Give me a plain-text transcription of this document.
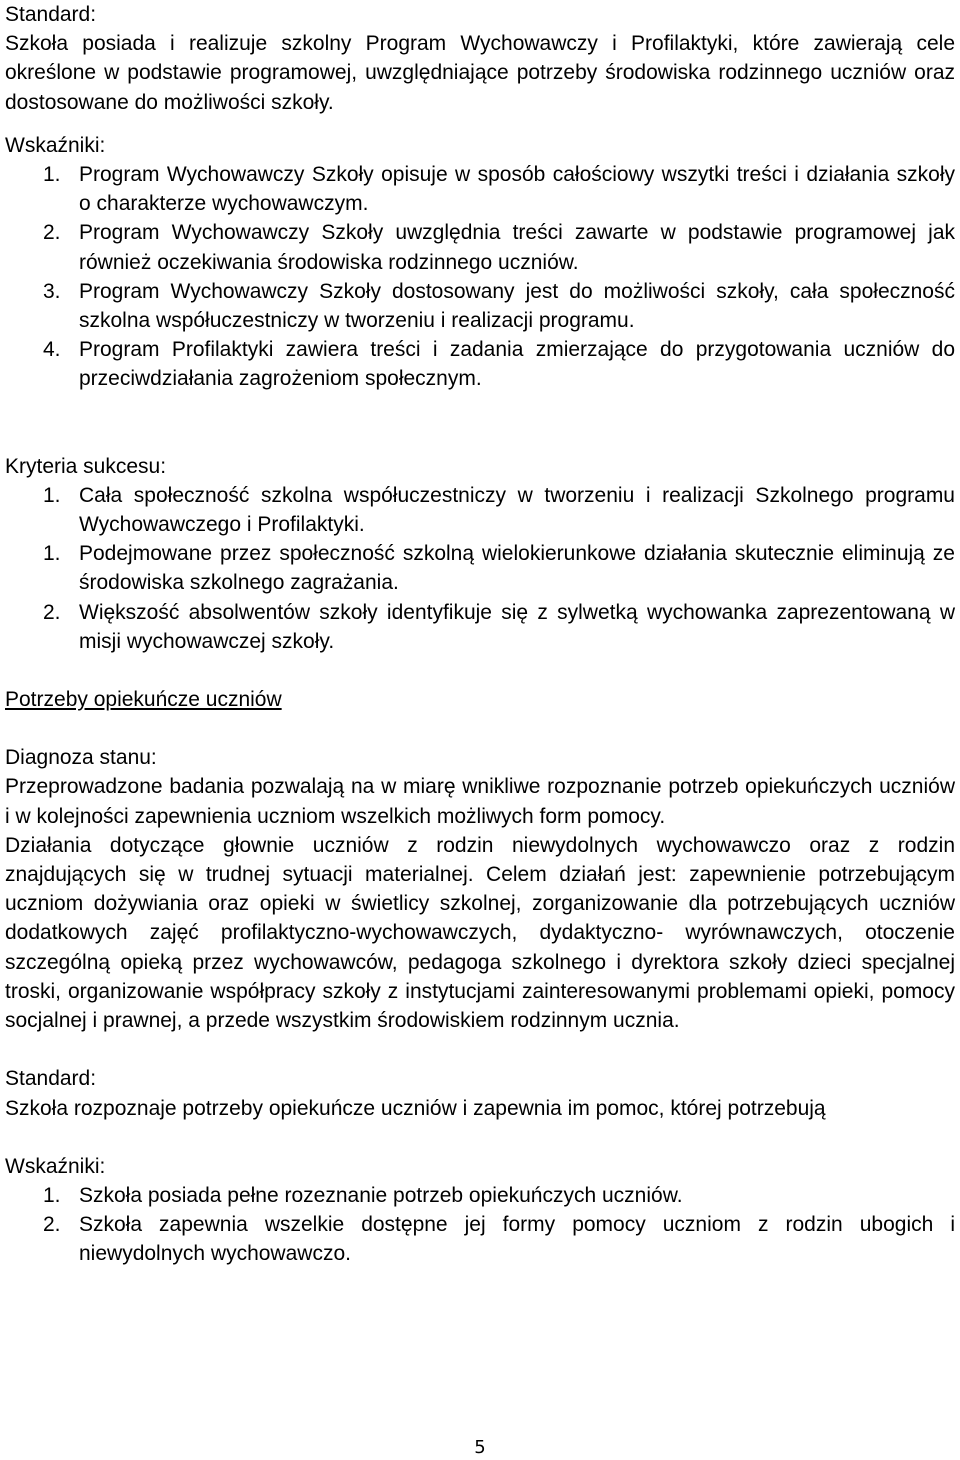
Standard:

Szkoła posiada i realizuje szkolny Program Wychowawczy i Profilaktyki, które zawierają cele określone w podstawie programowej, uwzględniające potrzeby środowiska rodzinnego uczniów oraz dostosowane do możliwości szkoły.

Wskaźniki:

1. Program Wychowawczy Szkoły opisuje w sposób całościowy wszytki treści i działania szkoły o charakterze wychowawczym.
2. Program Wychowawczy Szkoły uwzględnia treści zawarte w podstawie programowej jak również oczekiwania środowiska rodzinnego uczniów.
3. Program Wychowawczy Szkoły dostosowany jest do możliwości szkoły, cała społeczność szkolna współuczestniczy w tworzeniu i realizacji programu.
4. Program Profilaktyki zawiera treści i zadania zmierzające do przygotowania uczniów do przeciwdziałania zagrożeniom społecznym.

Kryteria sukcesu:

1. Cała społeczność szkolna współuczestniczy w tworzeniu i realizacji Szkolnego programu Wychowawczego i Profilaktyki.
1. Podejmowane przez społeczność szkolną wielokierunkowe działania skutecznie eliminują ze środowiska szkolnego zagrażania.
2. Większość absolwentów szkoły identyfikuje się z sylwetką wychowanka zaprezentowaną w misji wychowawczej szkoły.

Potrzeby opiekuńcze uczniów

Diagnoza stanu:

Przeprowadzone badania pozwalają na w miarę wnikliwe rozpoznanie potrzeb opiekuńczych uczniów i w kolejności zapewnienia uczniom wszelkich możliwych form pomocy.

Działania dotyczące głownie uczniów z rodzin niewydolnych wychowawczo oraz z rodzin znajdujących się w trudnej sytuacji materialnej. Celem działań jest: zapewnienie potrzebującym uczniom dożywiania oraz opieki w świetlicy szkolnej, zorganizowanie dla potrzebujących uczniów dodatkowych zajęć profilaktyczno-wychowawczych, dydaktyczno- wyrównawczych, otoczenie szczególną opieką przez wychowawców, pedagoga szkolnego i dyrektora szkoły dzieci specjalnej troski, organizowanie współpracy szkoły z instytucjami zainteresowanymi problemami opieki, pomocy socjalnej i prawnej, a przede wszystkim środowiskiem rodzinnym ucznia.

Standard:

Szkoła rozpoznaje potrzeby opiekuńcze uczniów i zapewnia im pomoc, której potrzebują

Wskaźniki:

1. Szkoła posiada pełne rozeznanie potrzeb opiekuńczych uczniów.
2. Szkoła zapewnia wszelkie dostępne jej formy pomocy uczniom z rodzin ubogich i niewydolnych wychowawczo.
5
